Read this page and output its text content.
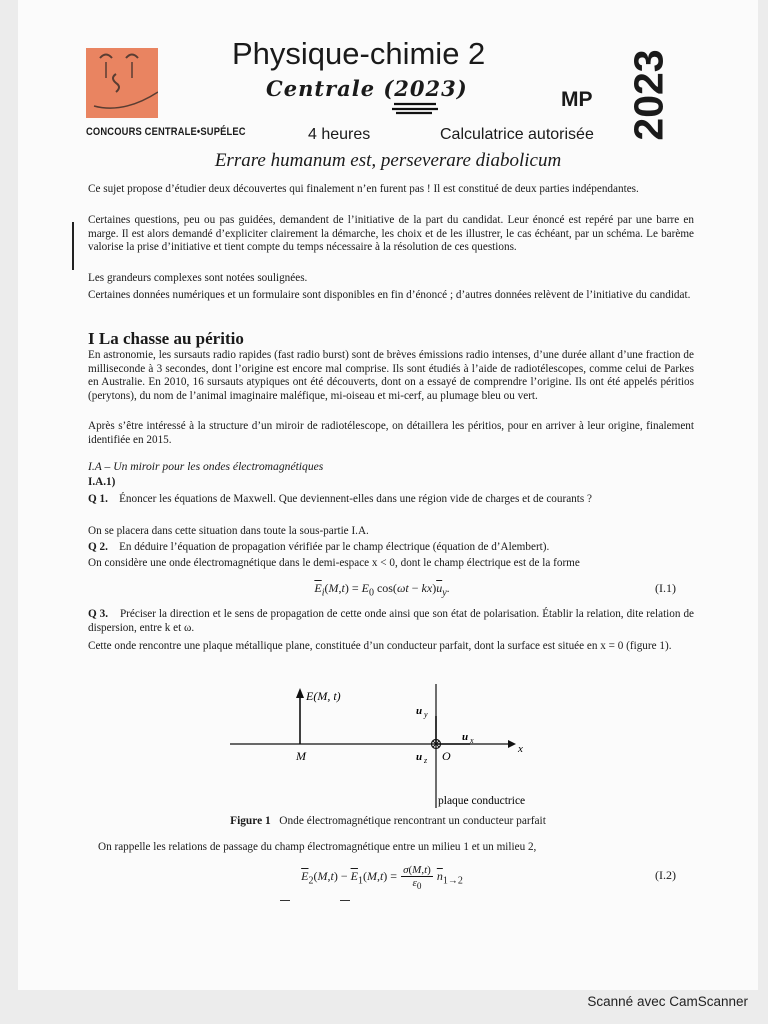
CONCOURS CENTRALE•SUPÉLEC
Physique-chimie 2
Centrale (2023)	MP 2023
4 heures	Calculatrice autorisée
Errare humanum est, perseverare diabolicum
Ce sujet propose d’étudier deux découvertes qui finalement n’en furent pas ! Il est constitué de deux parties indépendantes.
Certaines questions, peu ou pas guidées, demandent de l’initiative de la part du candidat. Leur énoncé est repéré par une barre en marge. Il est alors demandé d’expliciter clairement la démarche, les choix et de les illustrer, le cas échéant, par un schéma. Le barème valorise la prise d’initiative et tient compte du temps nécessaire à la résolution de ces questions.
Les grandeurs complexes sont notées soulignées.
Certaines données numériques et un formulaire sont disponibles en fin d’énoncé ; d’autres données relèvent de l’initiative du candidat.
I La chasse au péritio
En astronomie, les sursauts radio rapides (fast radio burst) sont de brèves émissions radio intenses, d’une durée allant d’une fraction de milliseconde à 3 secondes, dont l’origine est encore mal comprise. Ils sont étudiés à l’aide de radiotélescopes, comme celui de Parkes en Australie. En 2010, 16 sursauts atypiques ont été découverts, dont on a essayé de comprendre l’origine. Ils ont été appelés péritios (perytons), du nom de l’animal imaginaire maléfique, mi-oiseau et mi-cerf, au plumage bleu ou vert.
Après s’être intéressé à la structure d’un miroir de radiotélescope, on détaillera les péritios, pour en arriver à leur origine, finalement identifiée en 2015.
I.A – Un miroir pour les ondes électromagnétiques
I.A.1)
Q 1. Énoncer les équations de Maxwell. Que deviennent-elles dans une région vide de charges et de courants ?
On se placera dans cette situation dans toute la sous-partie I.A.
Q 2. En déduire l’équation de propagation vérifiée par le champ électrique (équation de d’Alembert).
On considère une onde électromagnétique dans le demi-espace x < 0, dont le champ électrique est de la forme
$\overline{E}_i(M,t) = E_0$ $\cos(\omega t - kx)\overline{u}_y$.	(I.1)
Q 3. Préciser la direction et le sens de propagation de cette onde ainsi que son état de polarisation. Établir la relation, dite relation de dispersion, entre k et ω.
Cette onde rencontre une plaque métallique plane, constituée d’un conducteur parfait, dont la surface est située en x = 0 (figure 1).
E(M, t)
M	O	x
u y
u z
u x
plaque conductrice
Figure 1 Onde électromagnétique rencontrant un conducteur parfait
On rappelle les relations de passage du champ électromagnétique entre un milieu 1 et un milieu 2,
$\overline{E}_2(M,t) - \overline{E}_1(M,t) = \frac{\sigma(M,t)}{\varepsilon_0} \overline{n}_{1\to 2}$	(I.2)
Scanné avec CamScanner
